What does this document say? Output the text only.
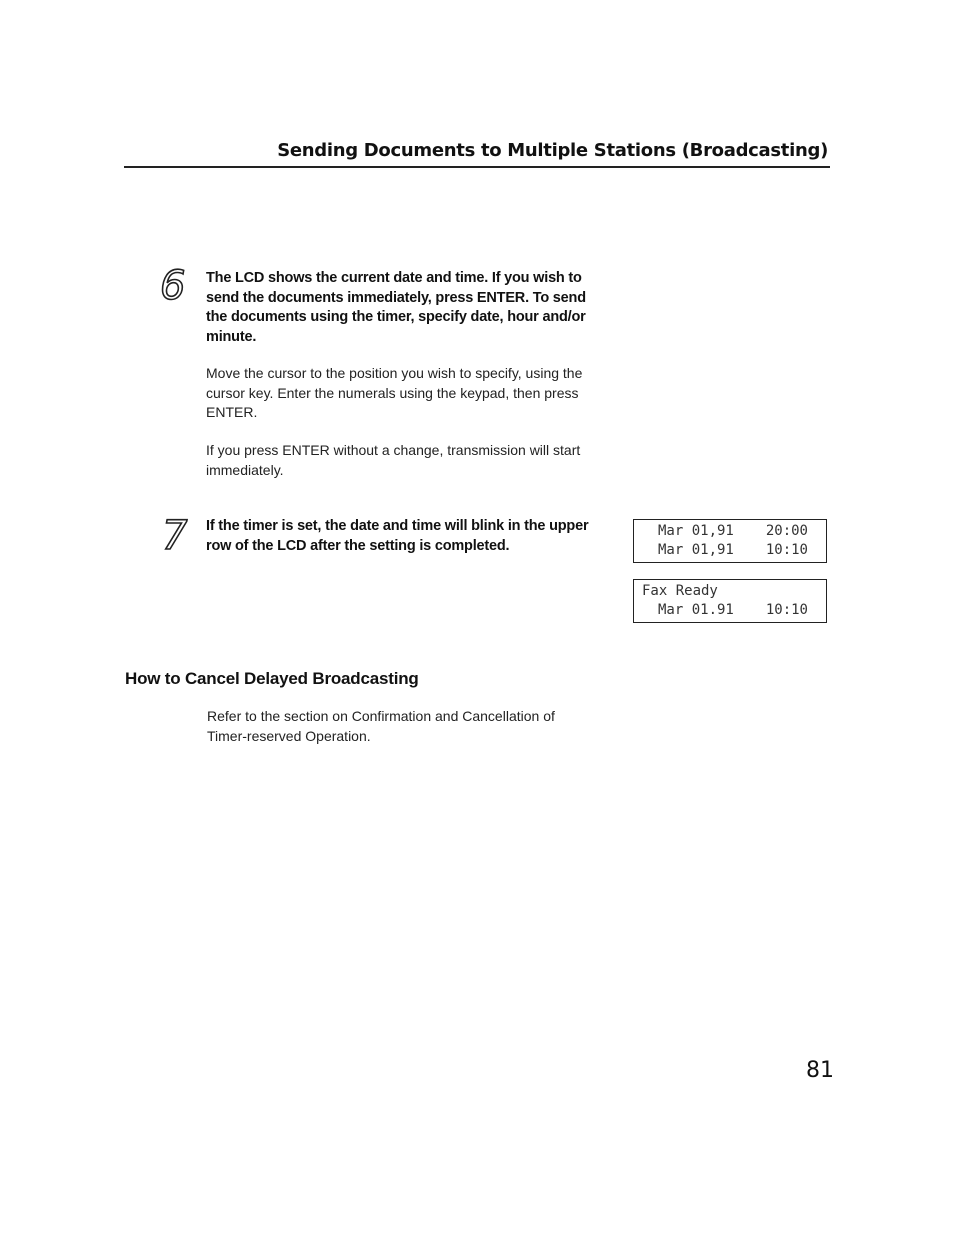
Sending Documents to Multiple Stations (Broadcasting)
6 The LCD shows the current date and time. If you wish to send the documents immediately, press ENTER. To send the documents using the timer, specify date, hour and/or minute.
Move the cursor to the position you wish to specify, using the cursor key. Enter the numerals using the keypad, then press ENTER.
If you press ENTER without a change, transmission will start immediately.
7 If the timer is set, the date and time will blink in the upper row of the LCD after the setting is completed.
Mar 01,91 20:00
Mar 01,91 10:10
Fax Ready
Mar 01.91 10:10
How to Cancel Delayed Broadcasting
Refer to the section on Confirmation and Cancellation of Timer-reserved Operation.
81
